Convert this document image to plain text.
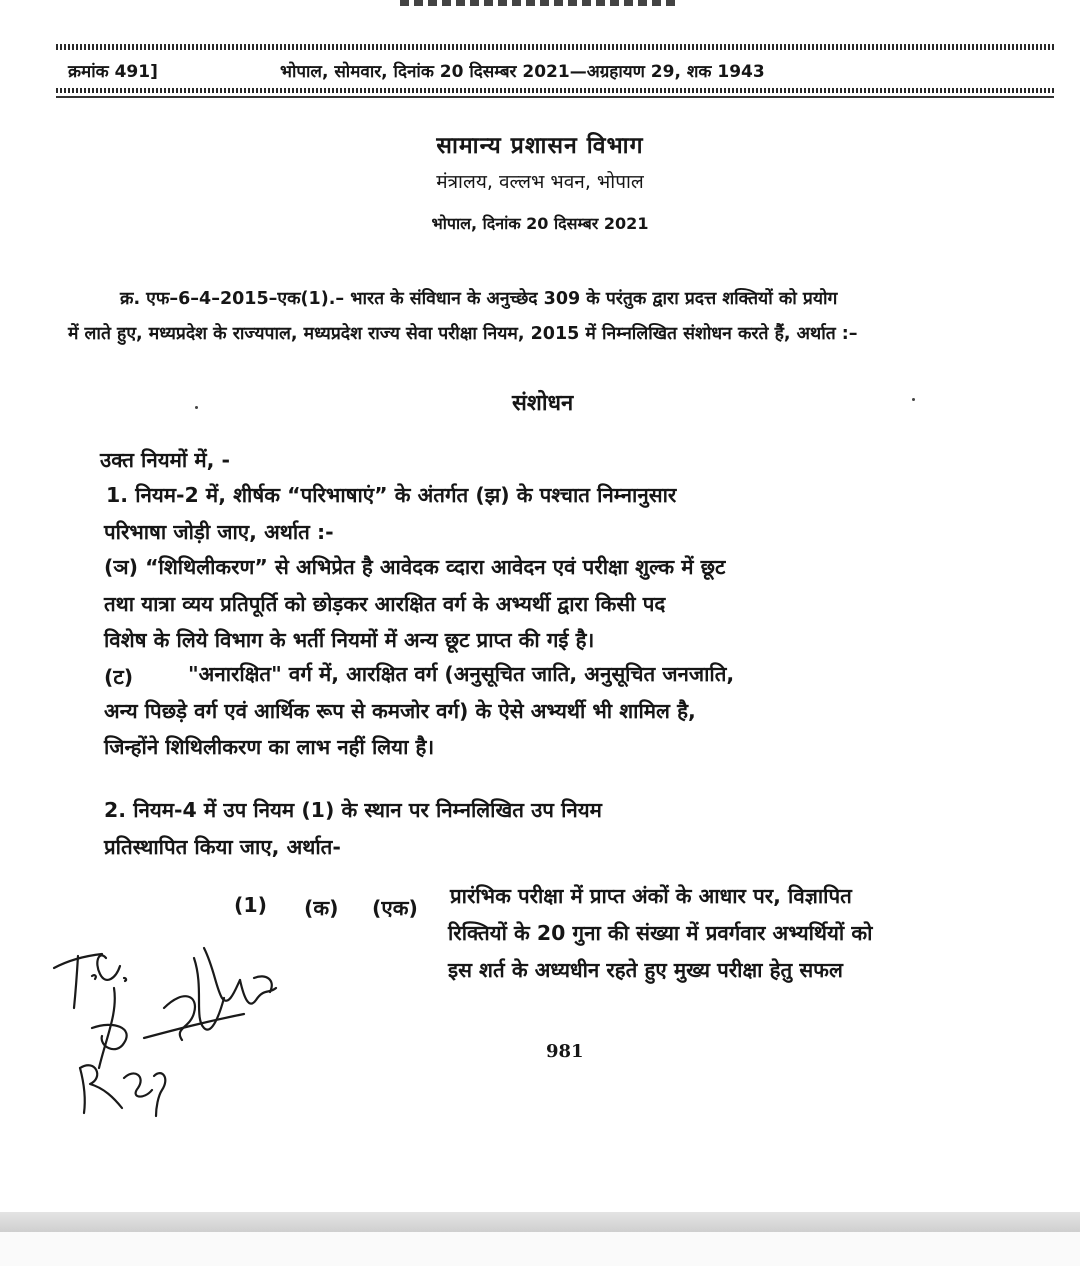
क्रमांक 491]	भोपाल, सोमवार, दिनांक 20 दिसम्बर 2021—अग्रहायण 29, शक 1943
सामान्य प्रशासन विभाग
मंत्रालय, वल्लभ भवन, भोपाल
भोपाल, दिनांक 20 दिसम्बर 2021
क्र. एफ–6–4–2015–एक(1).– भारत के संविधान के अनुच्छेद 309 के परंतुक द्वारा प्रदत्त शक्तियों को प्रयोग
में लाते हुए, मध्यप्रदेश के राज्यपाल, मध्यप्रदेश राज्य सेवा परीक्षा नियम, 2015 में निम्नलिखित संशोधन करते हैं, अर्थात :–
संशोधन
उक्त नियमों में, -
1. नियम-2 में, शीर्षक “परिभाषाएं” के अंतर्गत (झ) के पश्चात निम्नानुसार
परिभाषा जोड़ी जाए, अर्थात :-
(ञ) “शिथिलीकरण” से अभिप्रेत है आवेदक व्दारा आवेदन एवं परीक्षा शुल्क में छूट
तथा यात्रा व्यय प्रतिपूर्ति को छोड़कर आरक्षित वर्ग के अभ्यर्थी द्वारा किसी पद
विशेष के लिये विभाग के भर्ती नियमों में अन्य छूट प्राप्त की गई है।
(ट)	"अनारक्षित" वर्ग में, आरक्षित वर्ग (अनुसूचित जाति, अनुसूचित जनजाति,
अन्य पिछड़े वर्ग एवं आर्थिक रूप से कमजोर वर्ग) के ऐसे अभ्यर्थी भी शामिल है,
जिन्होंने शिथिलीकरण का लाभ नहीं लिया है।
2. नियम-4 में उप नियम (1) के स्थान पर निम्नलिखित उप नियम
प्रतिस्थापित किया जाए, अर्थात-
(1) (क) (एक) प्रारंभिक परीक्षा में प्राप्त अंकों के आधार पर, विज्ञापित
रिक्तियों के 20 गुना की संख्या में प्रवर्गवार अभ्यर्थियों को
इस शर्त के अध्यधीन रहते हुए मुख्य परीक्षा हेतु सफल
981
